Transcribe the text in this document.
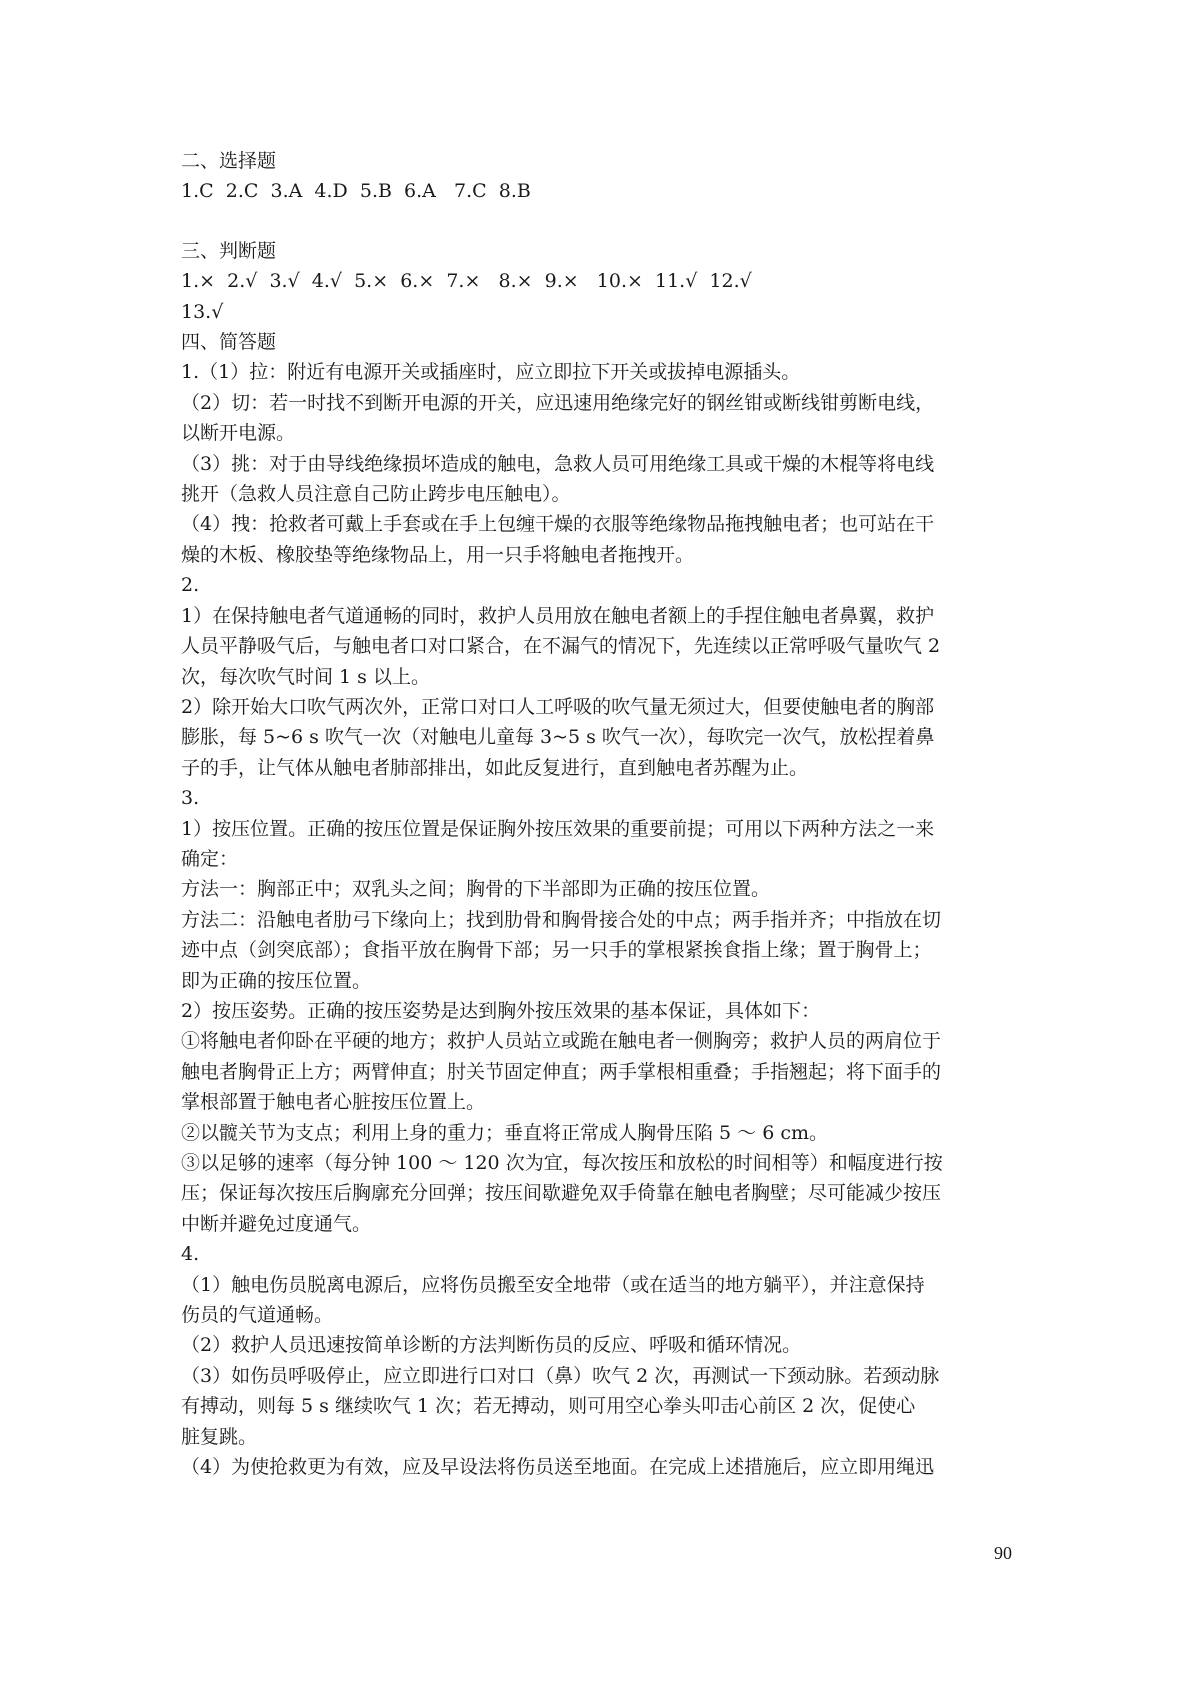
二、选择题

1.C  2.C  3.A  4.D  5.B  6.A   7.C  8.B

三、判断题

1.×  2.√  3.√  4.√  5.×  6.×  7.×   8.×  9.×   10.×  11.√  12.√

13.√

四、简答题

1.（1）拉：附近有电源开关或插座时，应立即拉下开关或拔掉电源插头。

（2）切：若一时找不到断开电源的开关，应迅速用绝缘完好的钢丝钳或断线钳剪断电线，

以断开电源。

（3）挑：对于由导线绝缘损坏造成的触电，急救人员可用绝缘工具或干燥的木棍等将电线

挑开（急救人员注意自己防止跨步电压触电）。

（4）拽：抢救者可戴上手套或在手上包缠干燥的衣服等绝缘物品拖拽触电者；也可站在干

燥的木板、橡胶垫等绝缘物品上，用一只手将触电者拖拽开。

2.

1）在保持触电者气道通畅的同时，救护人员用放在触电者额上的手捏住触电者鼻翼，救护

人员平静吸气后，与触电者口对口紧合，在不漏气的情况下，先连续以正常呼吸气量吹气 2

次，每次吹气时间 1 s 以上。

2）除开始大口吹气两次外，正常口对口人工呼吸的吹气量无须过大，但要使触电者的胸部

膨胀，每 5~6 s 吹气一次（对触电儿童每 3~5 s 吹气一次），每吹完一次气，放松捏着鼻

子的手，让气体从触电者肺部排出，如此反复进行，直到触电者苏醒为止。

3.

1）按压位置。正确的按压位置是保证胸外按压效果的重要前提；可用以下两种方法之一来

确定：

方法一：胸部正中；双乳头之间；胸骨的下半部即为正确的按压位置。

方法二：沿触电者肋弓下缘向上；找到肋骨和胸骨接合处的中点；两手指并齐；中指放在切

迹中点（剑突底部）；食指平放在胸骨下部；另一只手的掌根紧挨食指上缘；置于胸骨上；

即为正确的按压位置。

2）按压姿势。正确的按压姿势是达到胸外按压效果的基本保证，具体如下：

①将触电者仰卧在平硬的地方；救护人员站立或跪在触电者一侧胸旁；救护人员的两肩位于

触电者胸骨正上方；两臂伸直；肘关节固定伸直；两手掌根相重叠；手指翘起；将下面手的

掌根部置于触电者心脏按压位置上。

②以髋关节为支点；利用上身的重力；垂直将正常成人胸骨压陷 5 ～ 6 cm。

③以足够的速率（每分钟 100 ～ 120 次为宜，每次按压和放松的时间相等）和幅度进行按

压；保证每次按压后胸廓充分回弹；按压间歇避免双手倚靠在触电者胸壁；尽可能减少按压

中断并避免过度通气。

4.

（1）触电伤员脱离电源后，应将伤员搬至安全地带（或在适当的地方躺平），并注意保持

伤员的气道通畅。

（2）救护人员迅速按简单诊断的方法判断伤员的反应、呼吸和循环情况。

（3）如伤员呼吸停止，应立即进行口对口（鼻）吹气 2 次，再测试一下颈动脉。若颈动脉

有搏动，则每 5 s 继续吹气 1 次；若无搏动，则可用空心拳头叩击心前区 2 次，促使心

脏复跳。

（4）为使抢救更为有效，应及早设法将伤员送至地面。在完成上述措施后，应立即用绳迅

90
